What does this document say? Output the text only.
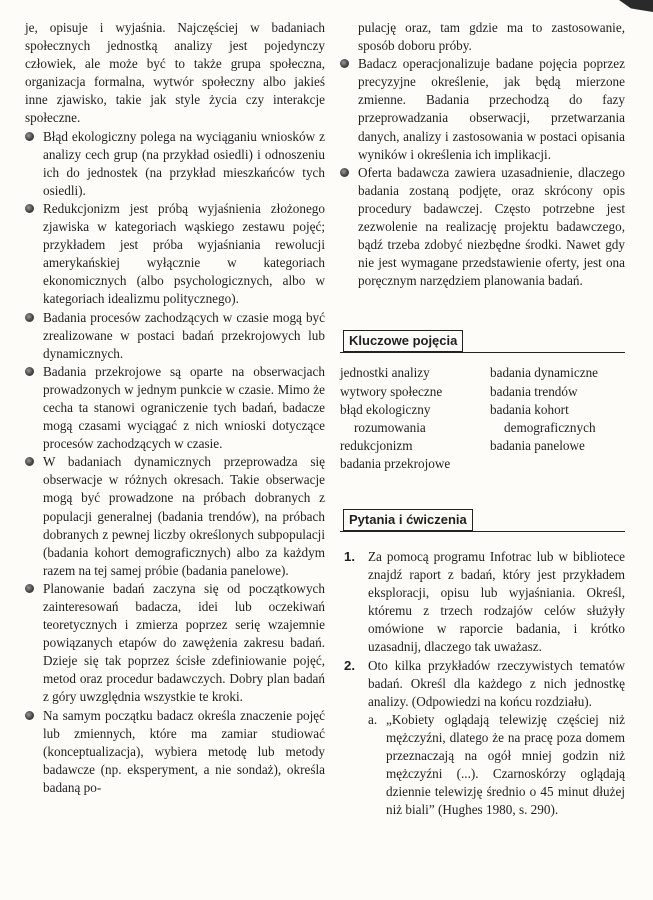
je, opisuje i wyjaśnia. Najczęściej w badaniach społecznych jednostką analizy jest pojedynczy człowiek, ale może być to także grupa społeczna, organizacja formalna, wytwór społeczny albo jakieś inne zjawisko, takie jak style życia czy interakcje społeczne.
Błąd ekologiczny polega na wyciąganiu wniosków z analizy cech grup (na przykład osiedli) i odnoszeniu ich do jednostek (na przykład mieszkańców tych osiedli).
Redukcjonizm jest próbą wyjaśnienia złożonego zjawiska w kategoriach wąskiego zestawu pojęć; przykładem jest próba wyjaśniania rewolucji amerykańskiej wyłącznie w kategoriach ekonomicznych (albo psychologicznych, albo w kategoriach idealizmu politycznego).
Badania procesów zachodzących w czasie mogą być zrealizowane w postaci badań przekrojowych lub dynamicznych.
Badania przekrojowe są oparte na obserwacjach prowadzonych w jednym punkcie w czasie. Mimo że cecha ta stanowi ograniczenie tych badań, badacze mogą czasami wyciągać z nich wnioski dotyczące procesów zachodzących w czasie.
W badaniach dynamicznych przeprowadza się obserwacje w różnych okresach. Takie obserwacje mogą być prowadzone na próbach dobranych z populacji generalnej (badania trendów), na próbach dobranych z pewnej liczby określonych subpopulacji (badania kohort demograficznych) albo za każdym razem na tej samej próbie (badania panelowe).
Planowanie badań zaczyna się od początkowych zainteresowań badacza, idei lub oczekiwań teoretycznych i zmierza poprzez serię wzajemnie powiązanych etapów do zawężenia zakresu badań. Dzieje się tak poprzez ścisłe zdefiniowanie pojęć, metod oraz procedur badawczych. Dobry plan badań z góry uwzględnia wszystkie te kroki.
Na samym początku badacz określa znaczenie pojęć lub zmiennych, które ma zamiar studiować (konceptualizacja), wybiera metodę lub metody badawcze (np. eksperyment, a nie sondaż), określa badaną po-
pulację oraz, tam gdzie ma to zastosowanie, sposób doboru próby.
Badacz operacjonalizuje badane pojęcia poprzez precyzyjne określenie, jak będą mierzone zmienne. Badania przechodzą do fazy przeprowadzania obserwacji, przetwarzania danych, analizy i zastosowania w postaci opisania wyników i określenia ich implikacji.
Oferta badawcza zawiera uzasadnienie, dlaczego badania zostaną podjęte, oraz skrócony opis procedury badawczej. Często potrzebne jest zezwolenie na realizację projektu badawczego, bądź trzeba zdobyć niezbędne środki. Nawet gdy nie jest wymagane przedstawienie oferty, jest ona poręcznym narzędziem planowania badań.
Kluczowe pojęcia
jednostki analizy
wytwory społeczne
błąd ekologiczny rozumowania
redukcjonizm
badania przekrojowe
badania dynamiczne
badania trendów
badania kohort demograficznych
badania panelowe
Pytania i ćwiczenia
1. Za pomocą programu Infotrac lub w bibliotece znajdź raport z badań, który jest przykładem eksploracji, opisu lub wyjaśniania. Określ, któremu z trzech rodzajów celów służyły omówione w raporcie badania, i krótko uzasadnij, dlaczego tak uważasz.
2. Oto kilka przykładów rzeczywistych tematów badań. Określ dla każdego z nich jednostkę analizy. (Odpowiedzi na końcu rozdziału).
a. „Kobiety oglądają telewizję częściej niż mężczyźni, dlatego że na pracę poza domem przeznaczają na ogół mniej godzin niż mężczyźni (...). Czarnoskórzy oglądają dziennie telewizję średnio o 45 minut dłużej niż biali” (Hughes 1980, s. 290).
